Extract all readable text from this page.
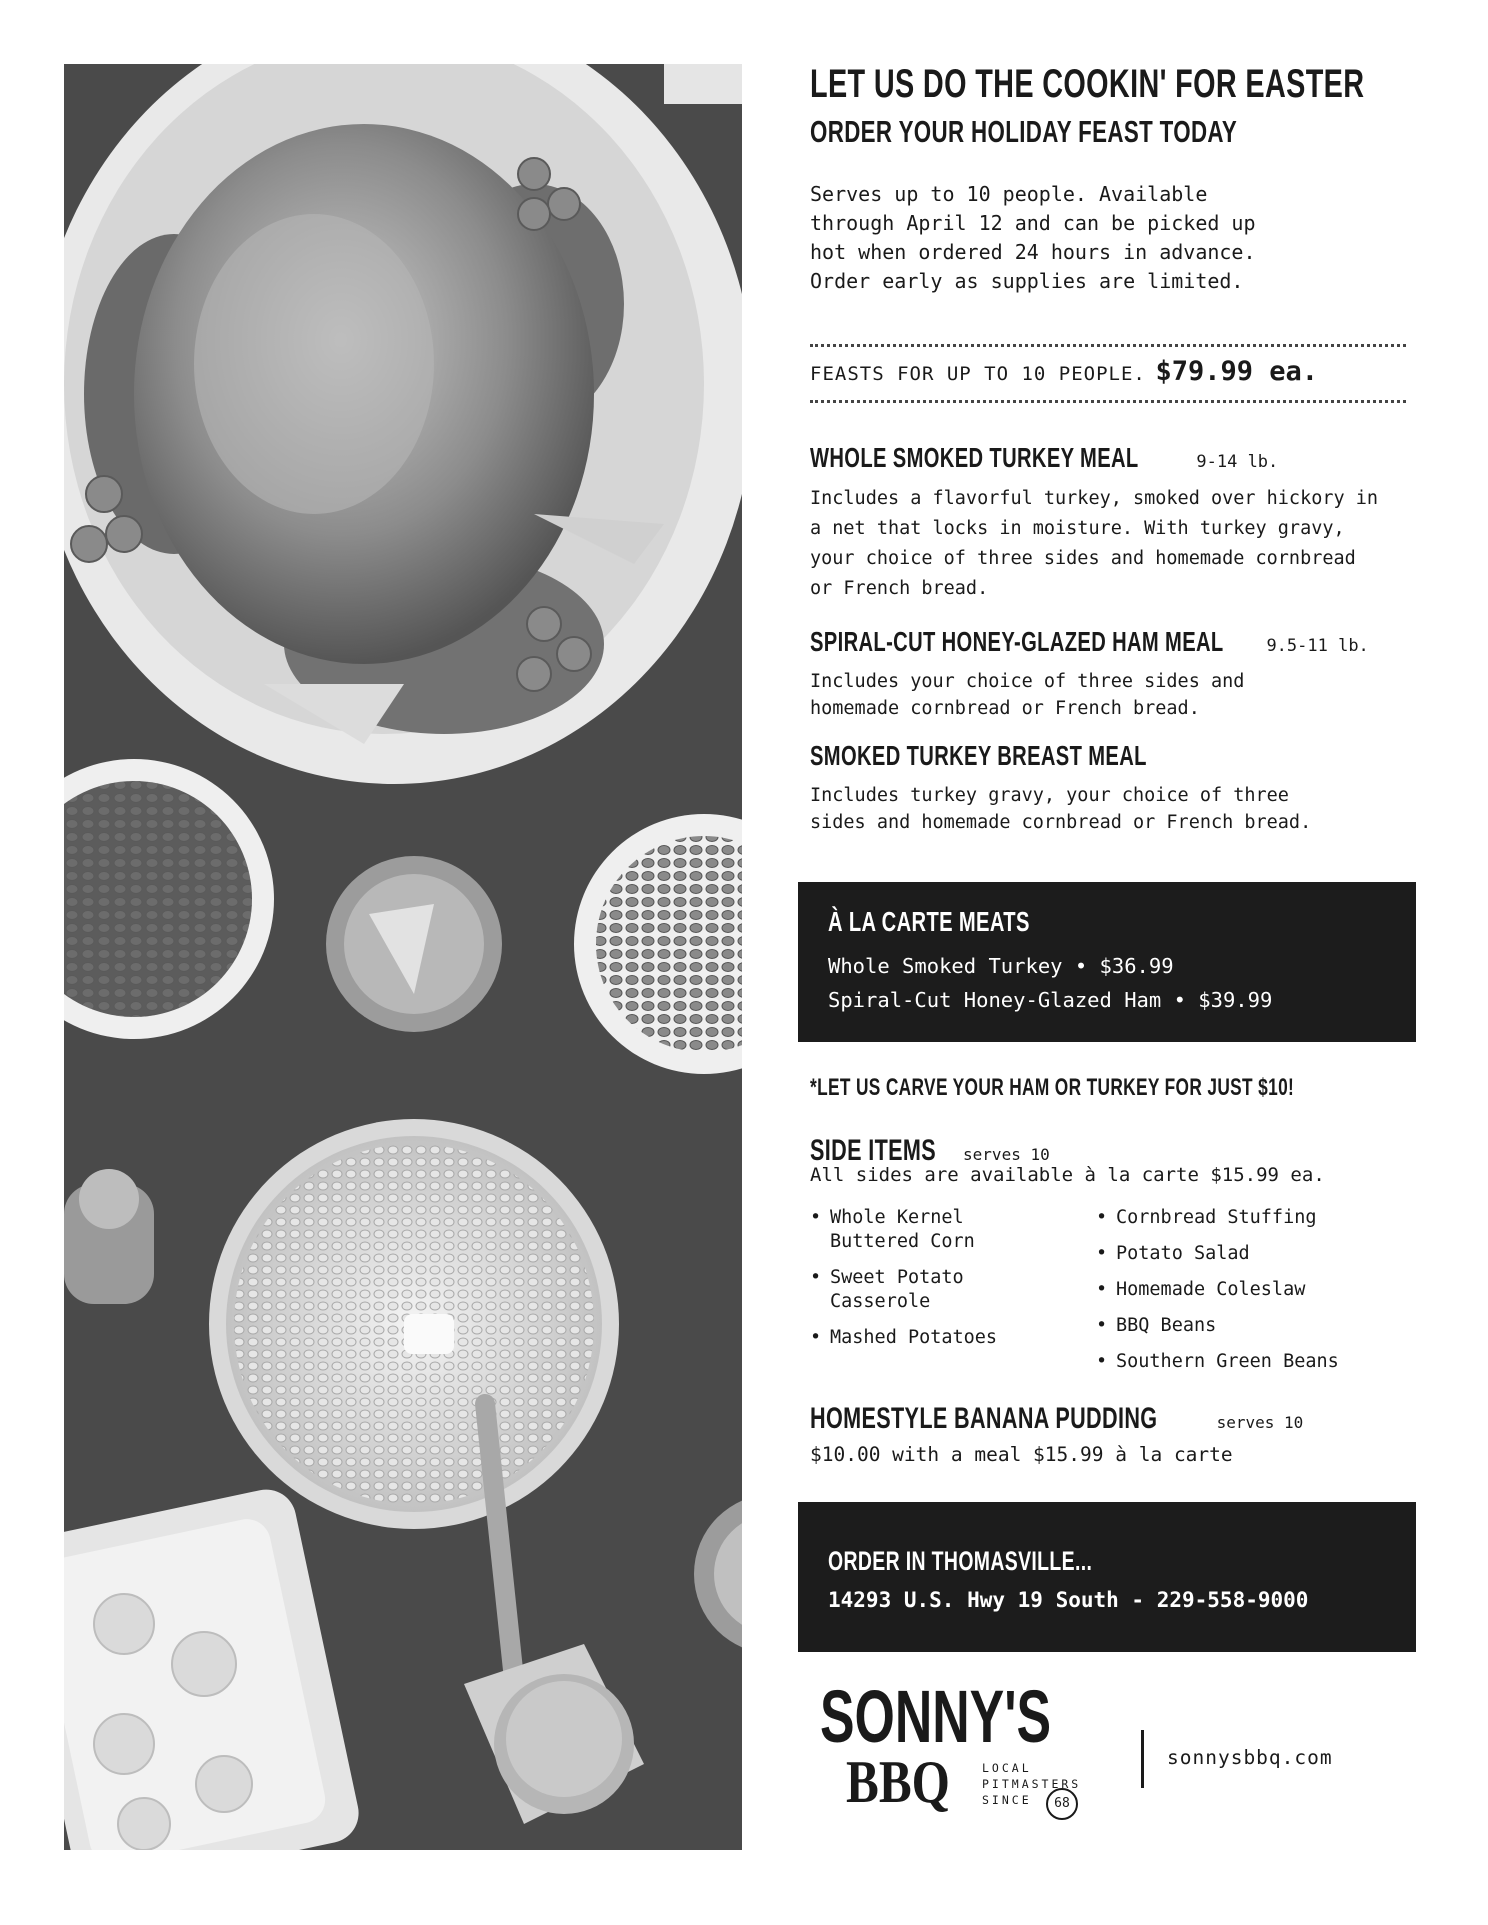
LET US DO THE COOKIN' FOR EASTER
ORDER YOUR HOLIDAY FEAST TODAY

Serves up to 10 people. Available
through April 12 and can be picked up
hot when ordered 24 hours in advance.
Order early as supplies are limited.

FEASTS FOR UP TO 10 PEOPLE. $79.99 ea.
WHOLE SMOKED TURKEY MEAL	9-14 lb.

Includes a flavorful turkey, smoked over hickory in
a net that locks in moisture. With turkey gravy,
your choice of three sides and homemade cornbread
or French bread.

SPIRAL-CUT HONEY-GLAZED HAM MEAL	9.5-11 lb.

Includes your choice of three sides and
homemade cornbread or French bread.

SMOKED TURKEY BREAST MEAL

Includes turkey gravy, your choice of three
sides and homemade cornbread or French bread.

À LA CARTE MEATS
Whole Smoked Turkey • $36.99
Spiral-Cut Honey-Glazed Ham • $39.99
*LET US CARVE YOUR HAM OR TURKEY FOR JUST $10!
SIDE ITEMS serves 10
All sides are available à la carte $15.99 ea.
• Whole Kernel
Buttered Corn
• Sweet Potato
Casserole
• Mashed Potatoes
• Cornbread Stuffing
• Potato Salad
• Homemade Coleslaw
• BBQ Beans
• Southern Green Beans
HOMESTYLE BANANA PUDDING	serves 10
$10.00 with a meal $15.99 à la carte
ORDER IN THOMASVILLE...
14293 U.S. Hwy 19 South - 229-558-9000
SONNY'S
BBQ	LOCAL
PITMASTERS
SINCE	68
sonnysbbq.com
